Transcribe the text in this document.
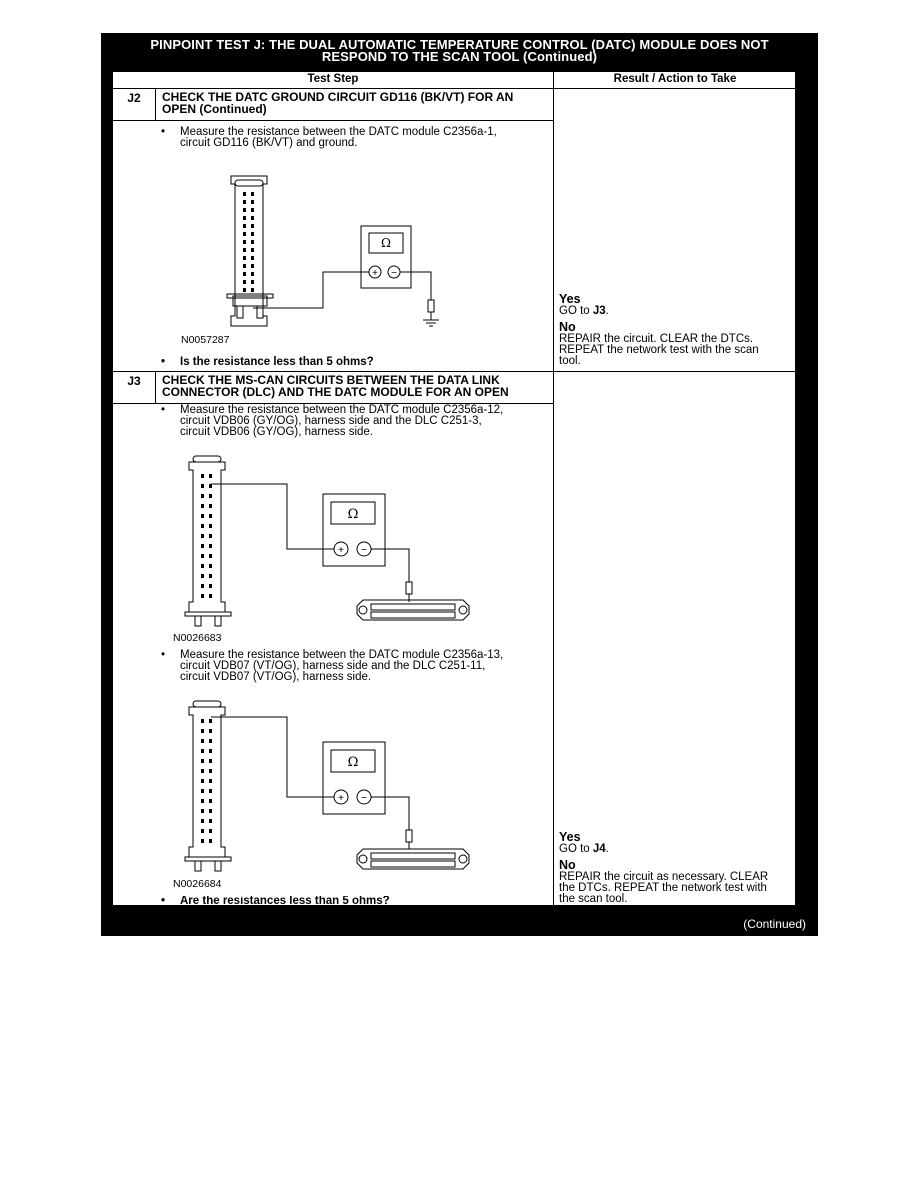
PINPOINT TEST J: THE DUAL AUTOMATIC TEMPERATURE CONTROL (DATC) MODULE DOES NOT
RESPOND TO THE SCAN TOOL (Continued)
Test Step	Result / Action to Take
J2	CHECK THE DATC GROUND CIRCUIT GD116 (BK/VT) FOR AN
OPEN (Continued)
• Measure the resistance between the DATC module C2356a-1,
circuit GD116 (BK/VT) and ground.
Ω
+ −
N0057287
• Is the resistance less than 5 ohms?
Yes
GO to J3.
No
REPAIR the circuit. CLEAR the DTCs.
REPEAT the network test with the scan
tool.
J3	CHECK THE MS-CAN CIRCUITS BETWEEN THE DATA LINK
CONNECTOR (DLC) AND THE DATC MODULE FOR AN OPEN
• Measure the resistance between the DATC module C2356a-12,
circuit VDB06 (GY/OG), harness side and the DLC C251-3,
circuit VDB06 (GY/OG), harness side.
Ω
+ −
N0026683
• Measure the resistance between the DATC module C2356a-13,
circuit VDB07 (VT/OG), harness side and the DLC C251-11,
circuit VDB07 (VT/OG), harness side.
Ω
+ −
N0026684
• Are the resistances less than 5 ohms?
Yes
GO to J4.
No
REPAIR the circuit as necessary. CLEAR
the DTCs. REPEAT the network test with
the scan tool.
(Continued)
